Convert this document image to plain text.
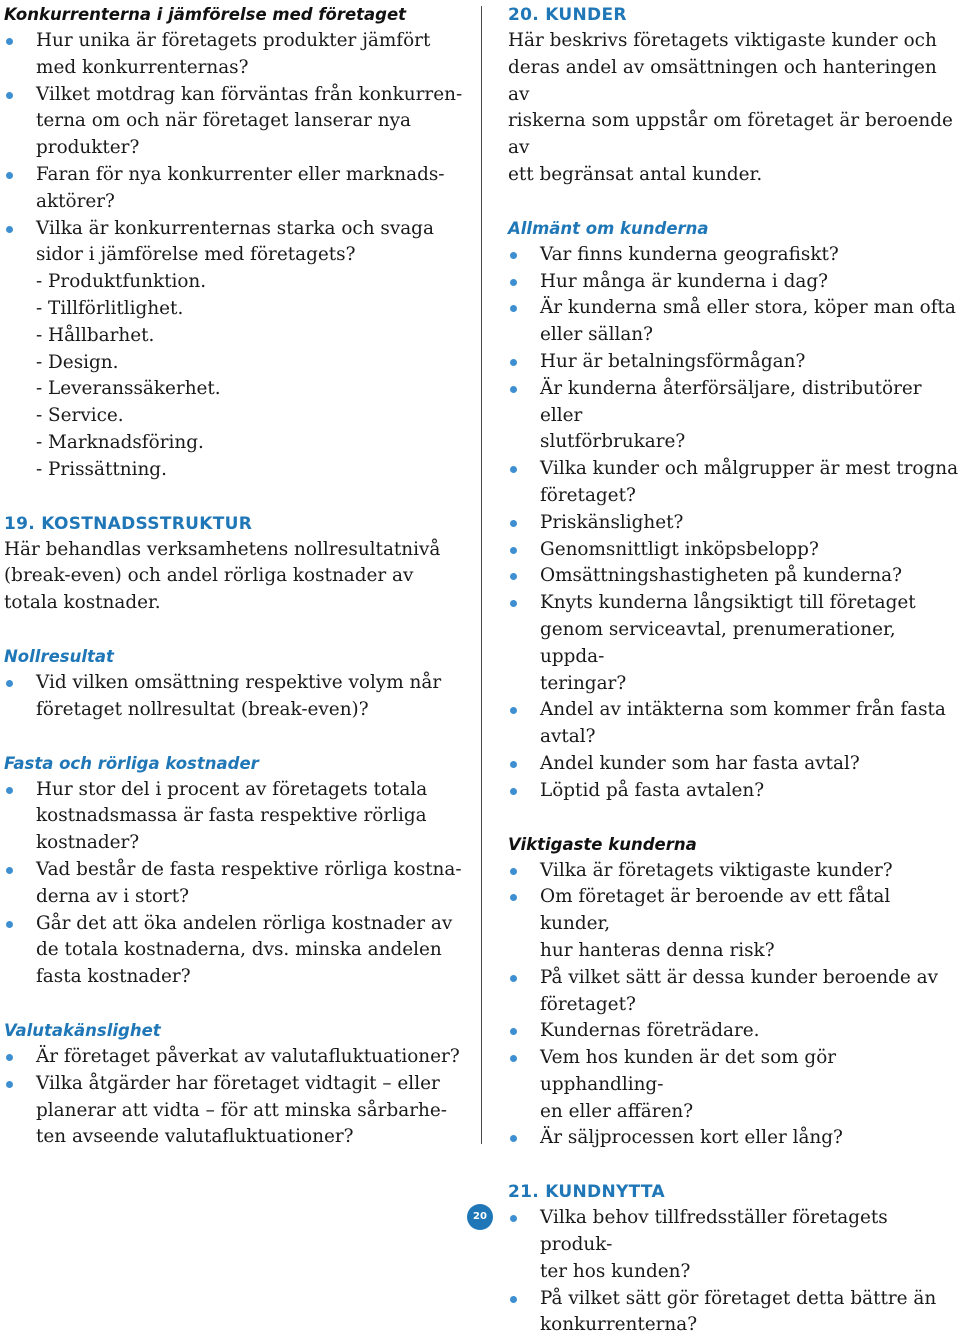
Konkurrenterna i jämförelse med företaget

Hur unika är företagets produkter jämfört
med konkurrenternas?
Vilket motdrag kan förväntas från konkurren-
terna om och när företaget lanserar nya
produkter?
Faran för nya konkurrenter eller marknads-
aktörer?
Vilka är konkurrenternas starka och svaga
sidor i jämförelse med företagets?
- Produktfunktion.
- Tillförlitlighet.
- Hållbarhet.
- Design.
- Leveranssäkerhet.
- Service.
- Marknadsföring.
- Prissättning.

19. KOSTNADSSTRUKTUR

Här behandlas verksamhetens nollresultatnivå
(break-even) och andel rörliga kostnader av
totala kostnader.

Nollresultat

Vid vilken omsättning respektive volym når
företaget nollresultat (break-even)?

Fasta och rörliga kostnader

Hur stor del i procent av företagets totala
kostnadsmassa är fasta respektive rörliga
kostnader?
Vad består de fasta respektive rörliga kostna-
derna av i stort?
Går det att öka andelen rörliga kostnader av
de totala kostnaderna, dvs. minska andelen
fasta kostnader?

Valutakänslighet

Är företaget påverkat av valutafluktuationer?
Vilka åtgärder har företaget vidtagit – eller
planerar att vidta – för att minska sårbarhe-
ten avseende valutafluktuationer?

20. KUNDER

Här beskrivs företagets viktigaste kunder och
deras andel av omsättningen och hanteringen av
riskerna som uppstår om företaget är beroende av
ett begränsat antal kunder.

Allmänt om kunderna

Var finns kunderna geografiskt?
Hur många är kunderna i dag?
Är kunderna små eller stora, köper man ofta
eller sällan?
Hur är betalningsförmågan?
Är kunderna återförsäljare, distributörer eller
slutförbrukare?
Vilka kunder och målgrupper är mest trogna
företaget?
Priskänslighet?
Genomsnittligt inköpsbelopp?
Omsättningshastigheten på kunderna?
Knyts kunderna långsiktigt till företaget
genom serviceavtal, prenumerationer, uppda-
teringar?
Andel av intäkterna som kommer från fasta
avtal?
Andel kunder som har fasta avtal?
Löptid på fasta avtalen?

Viktigaste kunderna

Vilka är företagets viktigaste kunder?
Om företaget är beroende av ett fåtal kunder,
hur hanteras denna risk?
På vilket sätt är dessa kunder beroende av
företaget?
Kundernas företrädare.
Vem hos kunden är det som gör upphandling-
en eller affären?
Är säljprocessen kort eller lång?

21. KUNDNYTTA

Vilka behov tillfredsställer företagets produk-
ter hos kunden?
På vilket sätt gör företaget detta bättre än
konkurrenterna?
20
